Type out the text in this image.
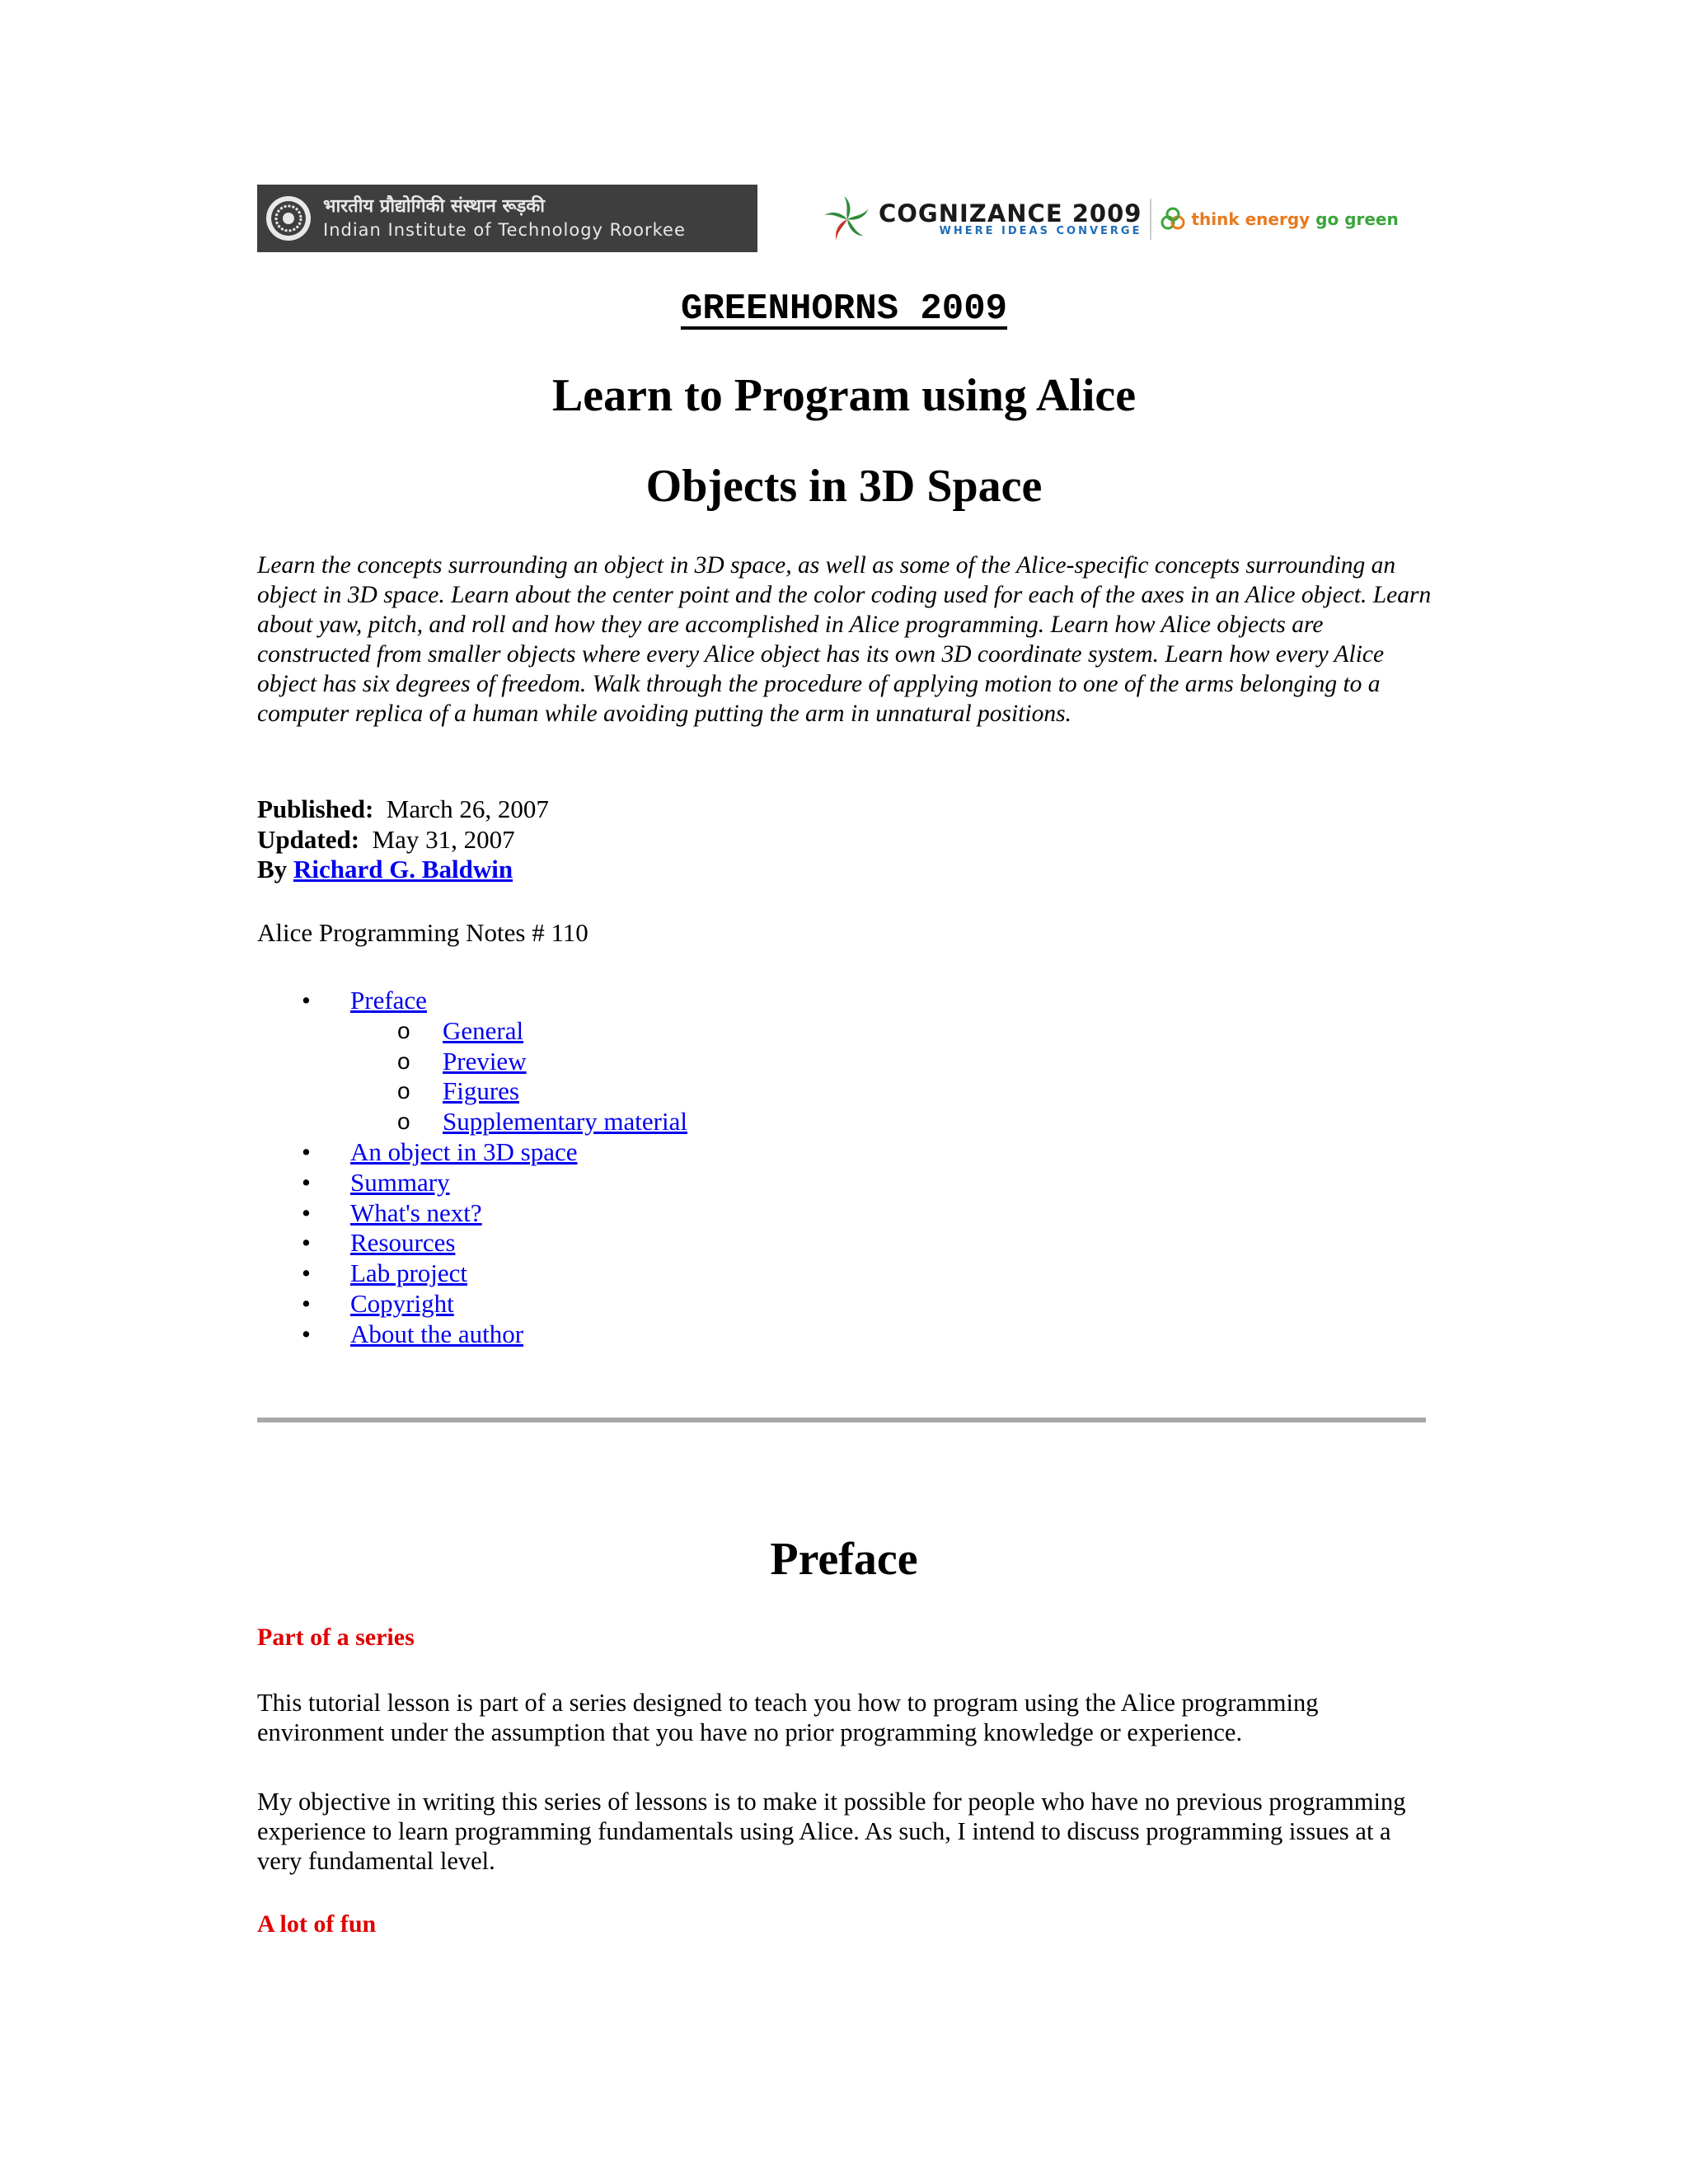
भारतीय प्रौद्योगिकी संस्थान रूड़की
Indian Institute of Technology Roorkee
COGNIZANCE 2009
WHERE IDEAS CONVERGE
think energy go green
GREENHORNS 2009
Learn to Program using Alice
Objects in 3D Space

Learn the concepts surrounding an object in 3D space, as well as some of the Alice-specific concepts surrounding an object in 3D space. Learn about the center point and the color coding used for each of the axes in an Alice object. Learn about yaw, pitch, and roll and how they are accomplished in Alice programming. Learn how Alice objects are constructed from smaller objects where every Alice object has its own 3D coordinate system. Learn how every Alice object has six degrees of freedom. Walk through the procedure of applying motion to one of the arms belonging to a computer replica of a human while avoiding putting the arm in unnatural positions.

Published: March 26, 2007
Updated: May 31, 2007
By Richard G. Baldwin
Alice Programming Notes # 110
• Preface
o General
o Preview
o Figures
o Supplementary material
• An object in 3D space
• Summary
• What's next?
• Resources
• Lab project
• Copyright
• About the author
Preface
Part of a series

This tutorial lesson is part of a series designed to teach you how to program using the Alice programming environment under the assumption that you have no prior programming knowledge or experience.

My objective in writing this series of lessons is to make it possible for people who have no previous programming experience to learn programming fundamentals using Alice. As such, I intend to discuss programming issues at a very fundamental level.

A lot of fun
